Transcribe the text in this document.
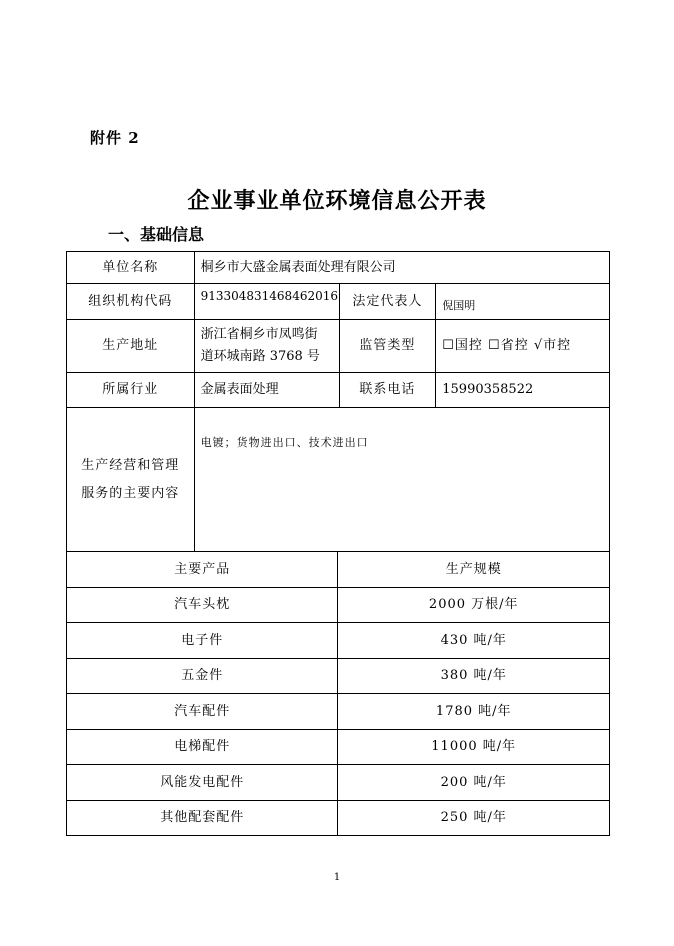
附件 2
企业事业单位环境信息公开表
一、基础信息
单位名称	桐乡市大盛金属表面处理有限公司		
组织机构代码	913304831468462016	法定代表人	倪国明
生产地址	浙江省桐乡市凤鸣街
道环城南路 3768 号	监管类型	☐国控 ☐省控 √市控
所属行业	金属表面处理	联系电话	15990358522

生产经营和管理
服务的主要内容	电镀；货物进出口、技术进出口		
主要产品	生产规模
汽车头枕	2000 万根/年
电子件	430 吨/年
五金件	380 吨/年
汽车配件	1780 吨/年
电梯配件	11000 吨/年
风能发电配件	200 吨/年
其他配套配件	250 吨/年
1
